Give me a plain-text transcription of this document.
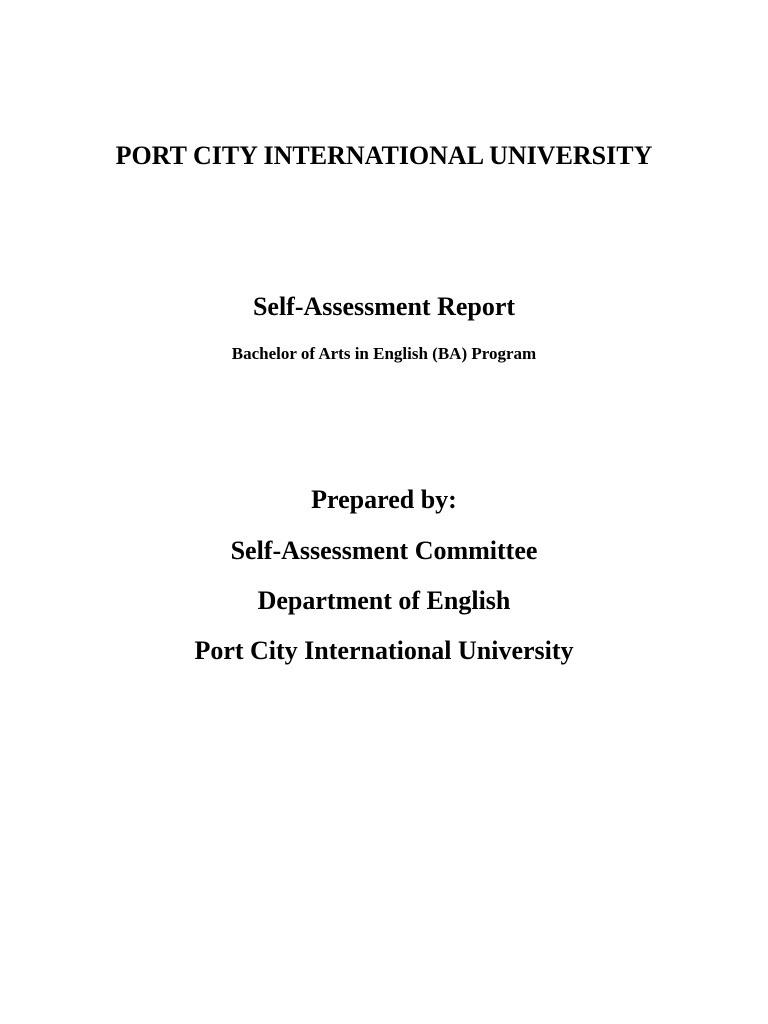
PORT CITY INTERNATIONAL UNIVERSITY
Self-Assessment Report
Bachelor of Arts in English (BA) Program
Prepared by:
Self-Assessment Committee
Department of English
Port City International University
